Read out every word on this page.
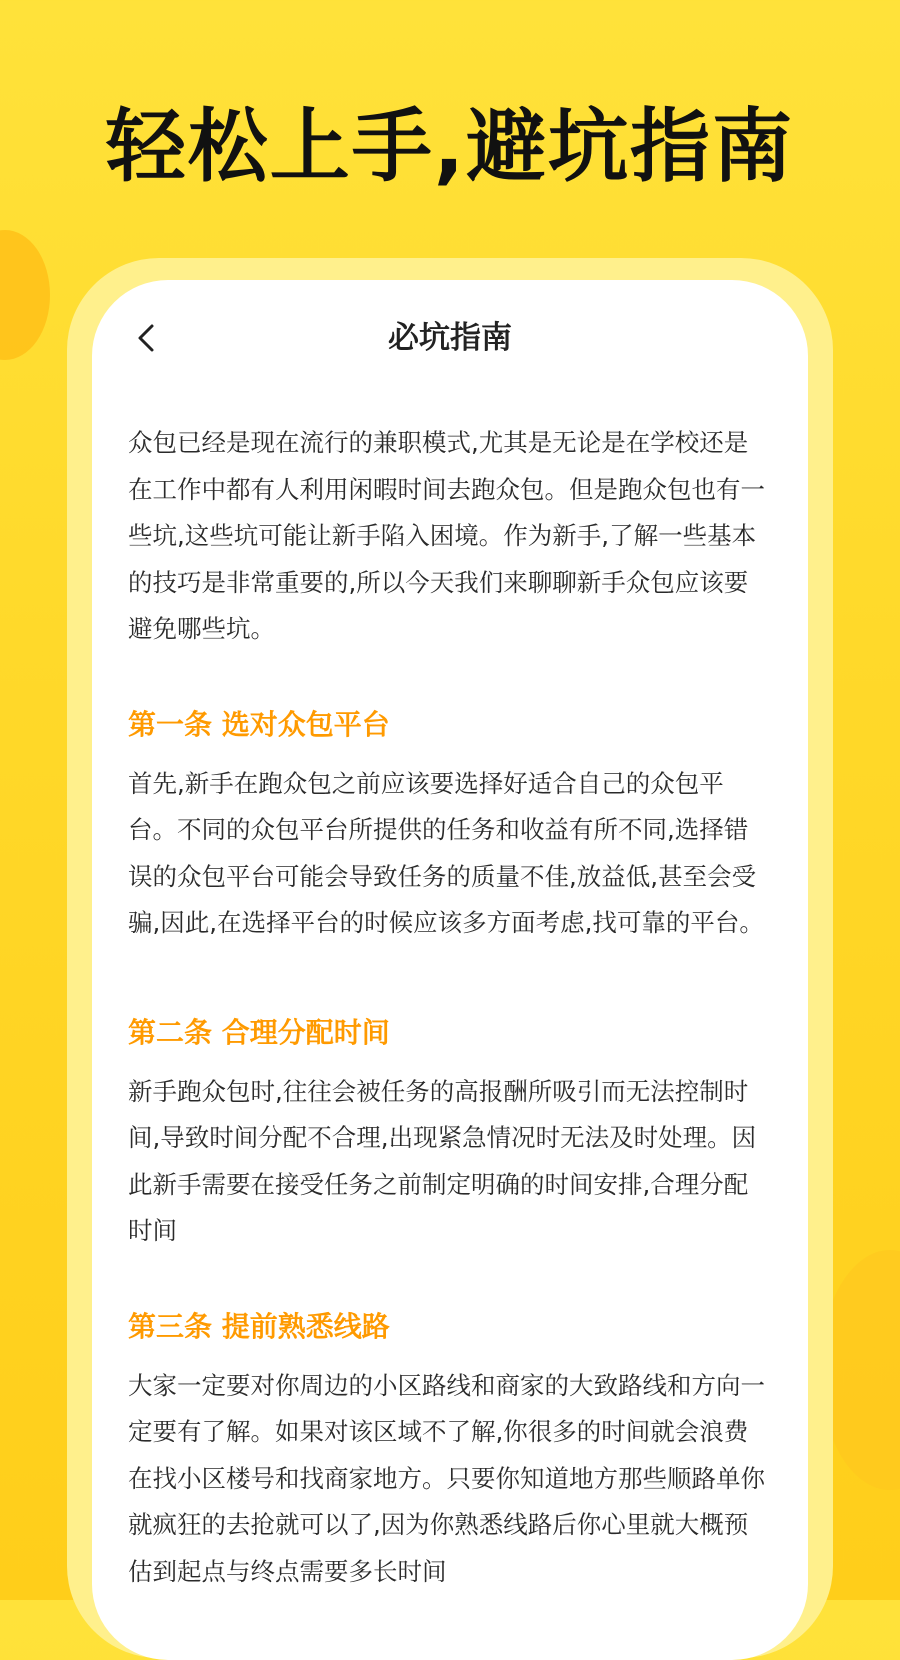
轻松上手,避坑指南
必坑指南

众包已经是现在流行的兼职模式,尤其是无论是在学校还是在工作中都有人利用闲暇时间去跑众包。但是跑众包也有一些坑,这些坑可能让新手陷入困境。作为新手,了解一些基本的技巧是非常重要的,所以今天我们来聊聊新手众包应该要避免哪些坑。

第一条 选对众包平台

首先,新手在跑众包之前应该要选择好适合自己的众包平台。不同的众包平台所提供的任务和收益有所不同,选择错误的众包平台可能会导致任务的质量不佳,放益低,甚至会受骗,因此,在选择平台的时候应该多方面考虑,找可靠的平台。

第二条 合理分配时间

新手跑众包时,往往会被任务的高报酬所吸引而无法控制时间,导致时间分配不合理,出现紧急情况时无法及时处理。因此新手需要在接受任务之前制定明确的时间安排,合理分配时间

第三条 提前熟悉线路

大家一定要对你周边的小区路线和商家的大致路线和方向一定要有了解。如果对该区域不了解,你很多的时间就会浪费在找小区楼号和找商家地方。只要你知道地方那些顺路单你就疯狂的去抢就可以了,因为你熟悉线路后你心里就大概预估到起点与终点需要多长时间
